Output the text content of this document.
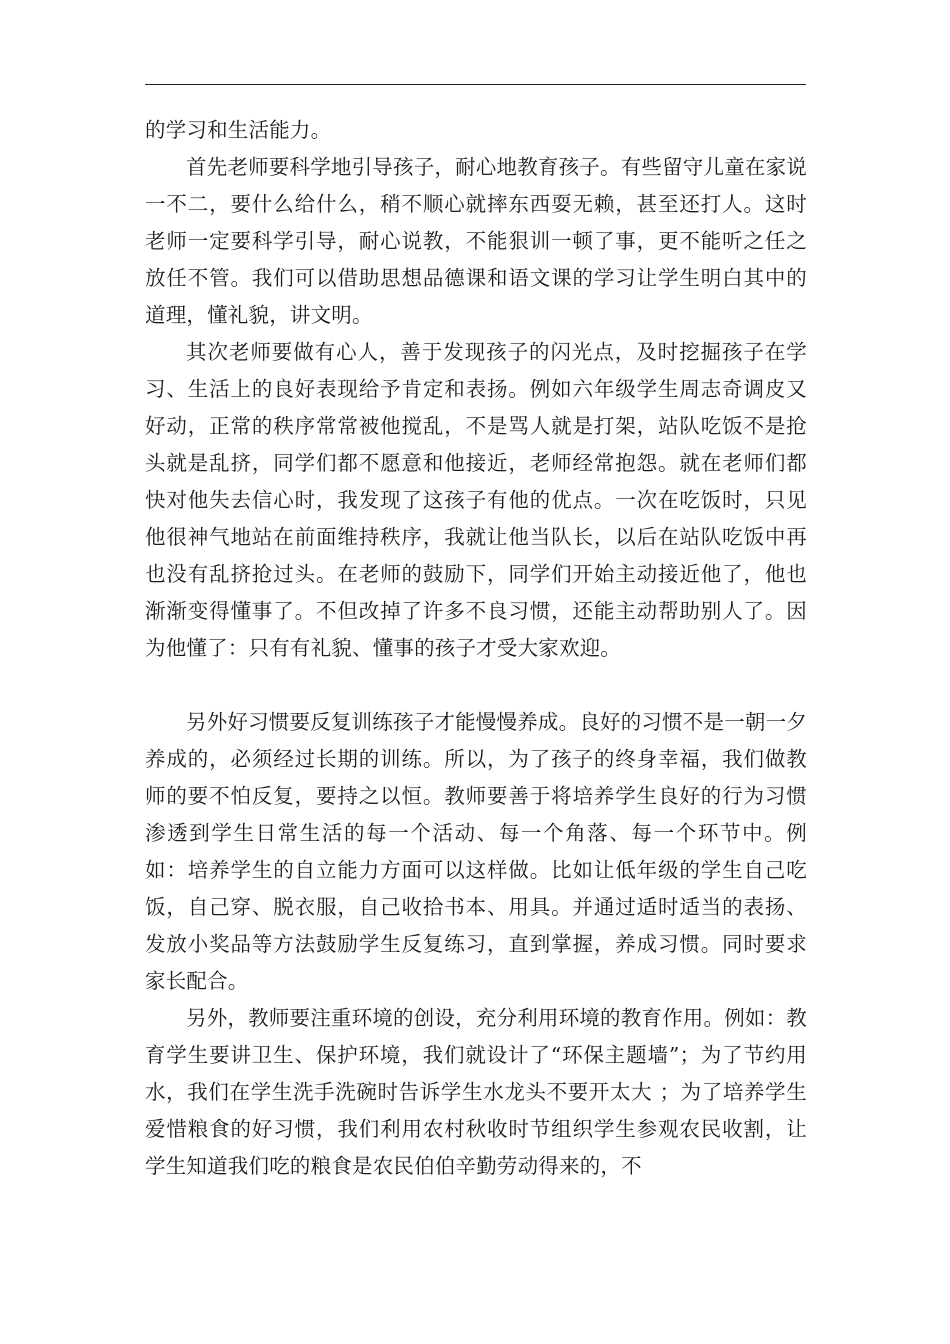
的学习和生活能力。

首先老师要科学地引导孩子，耐心地教育孩子。有些留守儿童在家说一不二，要什么给什么，稍不顺心就摔东西耍无赖，甚至还打人。这时老师一定要科学引导，耐心说教，不能狠训一顿了事，更不能听之任之放任不管。我们可以借助思想品德课和语文课的学习让学生明白其中的道理，懂礼貌，讲文明。

其次老师要做有心人，善于发现孩子的闪光点，及时挖掘孩子在学习、生活上的良好表现给予肯定和表扬。例如六年级学生周志奇调皮又好动，正常的秩序常常被他搅乱，不是骂人就是打架，站队吃饭不是抢头就是乱挤，同学们都不愿意和他接近，老师经常抱怨。就在老师们都快对他失去信心时，我发现了这孩子有他的优点。一次在吃饭时，只见他很神气地站在前面维持秩序，我就让他当队长，以后在站队吃饭中再也没有乱挤抢过头。在老师的鼓励下，同学们开始主动接近他了，他也渐渐变得懂事了。不但改掉了许多不良习惯，还能主动帮助别人了。因为他懂了：只有有礼貌、懂事的孩子才受大家欢迎。

另外好习惯要反复训练孩子才能慢慢养成。良好的习惯不是一朝一夕养成的，必须经过长期的训练。所以，为了孩子的终身幸福，我们做教师的要不怕反复，要持之以恒。教师要善于将培养学生良好的行为习惯渗透到学生日常生活的每一个活动、每一个角落、每一个环节中。例如：培养学生的自立能力方面可以这样做。比如让低年级的学生自己吃饭，自己穿、脱衣服，自己收拾书本、用具。并通过适时适当的表扬、发放小奖品等方法鼓励学生反复练习，直到掌握，养成习惯。同时要求家长配合。

另外，教师要注重环境的创设，充分利用环境的教育作用。例如：教育学生要讲卫生、保护环境，我们就设计了“环保主题墙”；为了节约用水，我们在学生洗手洗碗时告诉学生水龙头不要开太大 ；为了培养学生爱惜粮食的好习惯，我们利用农村秋收时节组织学生参观农民收割，让学生知道我们吃的粮食是农民伯伯辛勤劳动得来的，不
